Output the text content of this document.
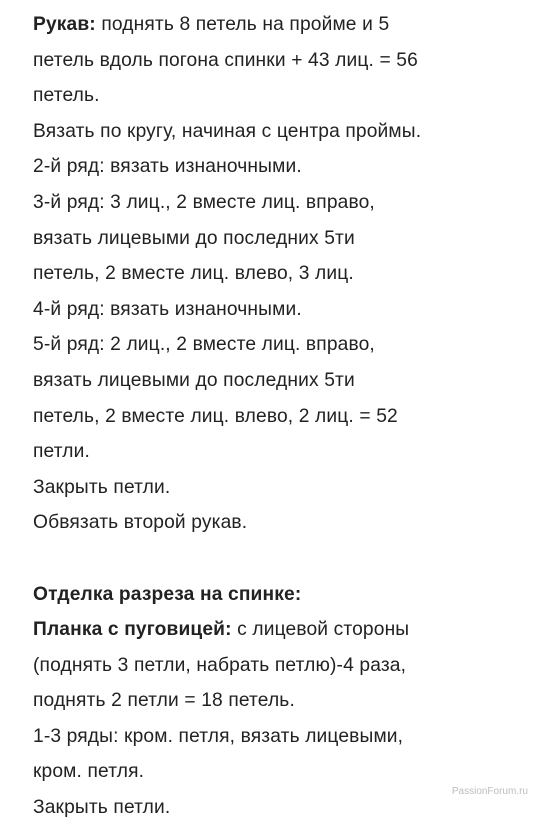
Рукав: поднять 8 петель на пройме и 5
петель вдоль погона спинки + 43 лиц. = 56
петель.
Вязать по кругу, начиная с центра проймы.
2-й ряд: вязать изнаночными.
3-й ряд: 3 лиц., 2 вместе лиц. вправо,
вязать лицевыми до последних 5ти
петель, 2 вместе лиц. влево, 3 лиц.
4-й ряд: вязать изнаночными.
5-й ряд: 2 лиц., 2 вместе лиц. вправо,
вязать лицевыми до последних 5ти
петель, 2 вместе лиц. влево, 2 лиц. = 52
петли.
Закрыть петли.
Обвязать второй рукав.
Отделка разреза на спинке:
Планка с пуговицей: с лицевой стороны
(поднять 3 петли, набрать петлю)-4 раза,
поднять 2 петли = 18 петель.
1-3 ряды: кром. петля, вязать лицевыми,
кром. петля.
Закрыть петли.
PassionForum.ru
